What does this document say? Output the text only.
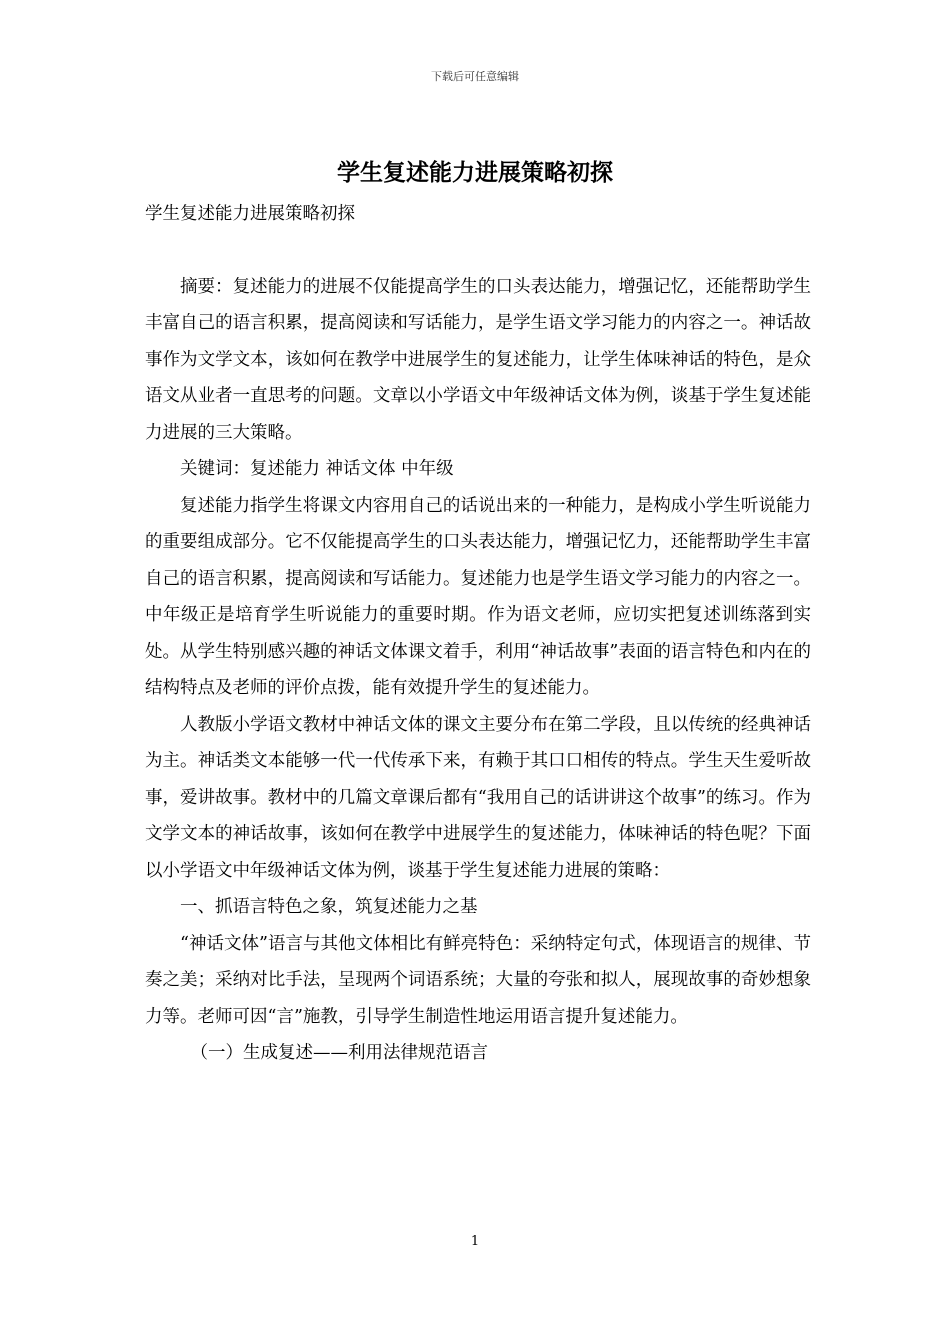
下载后可任意编辑
学生复述能力进展策略初探

学生复述能力进展策略初探

摘要：复述能力的进展不仅能提高学生的口头表达能力，增强记忆，还能帮助学生丰富自己的语言积累，提高阅读和写话能力，是学生语文学习能力的内容之一。神话故事作为文学文本，该如何在教学中进展学生的复述能力，让学生体味神话的特色，是众语文从业者一直思考的问题。文章以小学语文中年级神话文体为例，谈基于学生复述能力进展的三大策略。

关键词：复述能力 神话文体 中年级

复述能力指学生将课文内容用自己的话说出来的一种能力，是构成小学生听说能力的重要组成部分。它不仅能提高学生的口头表达能力，增强记忆力，还能帮助学生丰富自己的语言积累，提高阅读和写话能力。复述能力也是学生语文学习能力的内容之一。中年级正是培育学生听说能力的重要时期。作为语文老师，应切实把复述训练落到实处。从学生特别感兴趣的神话文体课文着手，利用“神话故事”表面的语言特色和内在的结构特点及老师的评价点拨，能有效提升学生的复述能力。

人教版小学语文教材中神话文体的课文主要分布在第二学段，且以传统的经典神话为主。神话类文本能够一代一代传承下来，有赖于其口口相传的特点。学生天生爱听故事，爱讲故事。教材中的几篇文章课后都有“我用自己的话讲讲这个故事”的练习。作为文学文本的神话故事，该如何在教学中进展学生的复述能力，体味神话的特色呢？下面以小学语文中年级神话文体为例，谈基于学生复述能力进展的策略：

一、抓语言特色之象，筑复述能力之基

“神话文体”语言与其他文体相比有鲜亮特色：采纳特定句式，体现语言的规律、节奏之美；采纳对比手法，呈现两个词语系统；大量的夸张和拟人，展现故事的奇妙想象力等。老师可因“言”施教，引导学生制造性地运用语言提升复述能力。

（一）生成复述——利用法律规范语言

1
